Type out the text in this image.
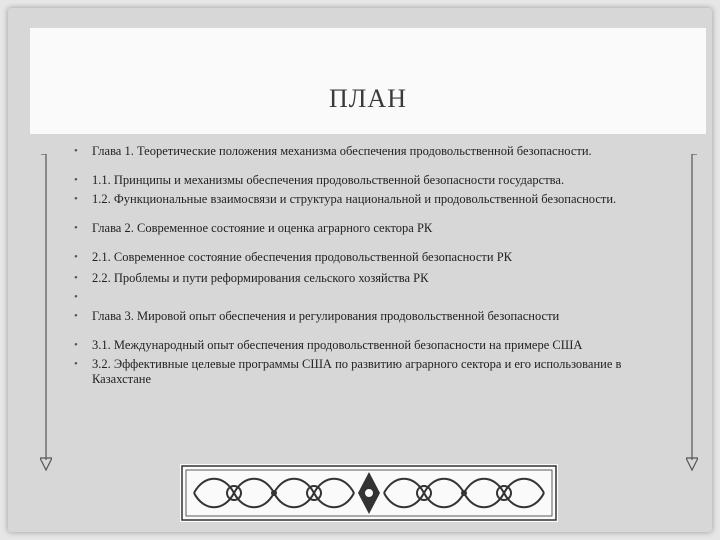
ПЛАН

• Глава 1. Теоретические положения механизма обеспечения продовольственной безопасности.

• 1.1. Принципы и механизмы обеспечения продовольственной безопасности государства.

• 1.2. Функциональные взаимосвязи и структура национальной и продовольственной безопасности.

• Глава 2. Современное состояние и оценка аграрного сектора РК

• 2.1. Современное состояние обеспечения продовольственной безопасности РК

• 2.2. Проблемы и пути реформирования сельского хозяйства РК

•

• Глава 3. Мировой опыт обеспечения и регулирования продовольственной безопасности

• 3.1. Международный опыт обеспечения продовольственной безопасности на примере США

• 3.2. Эффективные целевые программы США по развитию аграрного сектора и его использование в Казахстане
